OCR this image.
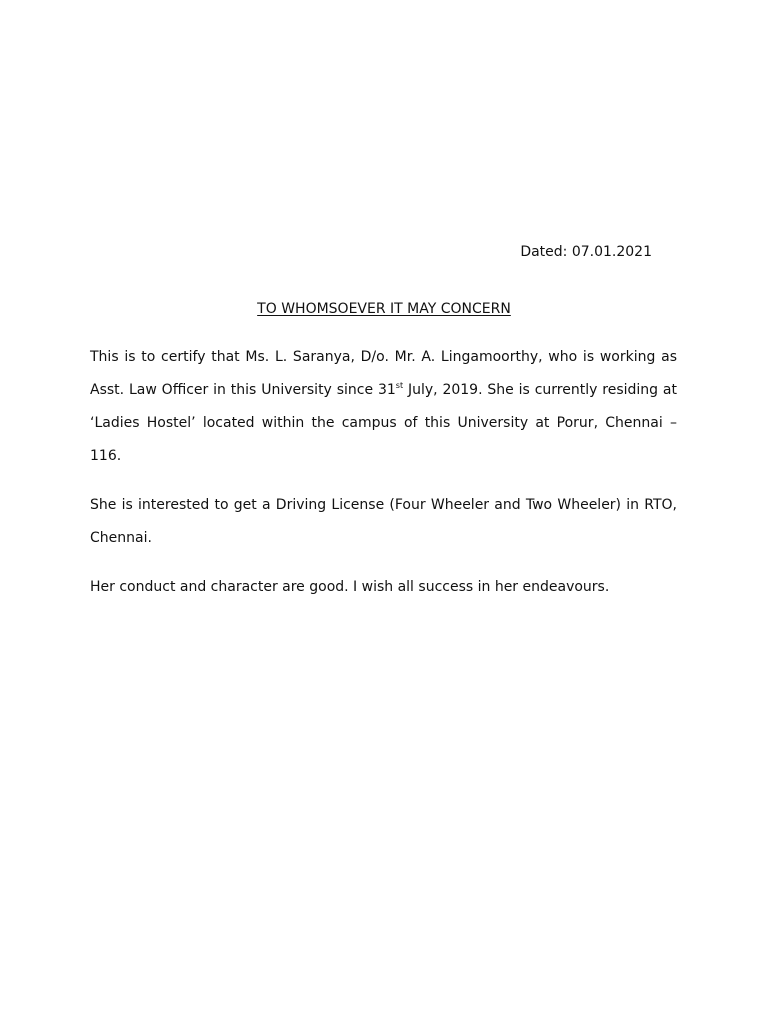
Dated: 07.01.2021
TO WHOMSOEVER IT MAY CONCERN

This is to certify that Ms. L. Saranya, D/o. Mr. A. Lingamoorthy, who is working as Asst. Law Officer in this University since 31st July, 2019. She is currently residing at ‘Ladies Hostel’ located within the campus of this University at Porur, Chennai – 116.

She is interested to get a Driving License (Four Wheeler and Two Wheeler) in RTO, Chennai.

Her conduct and character are good. I wish all success in her endeavours.
